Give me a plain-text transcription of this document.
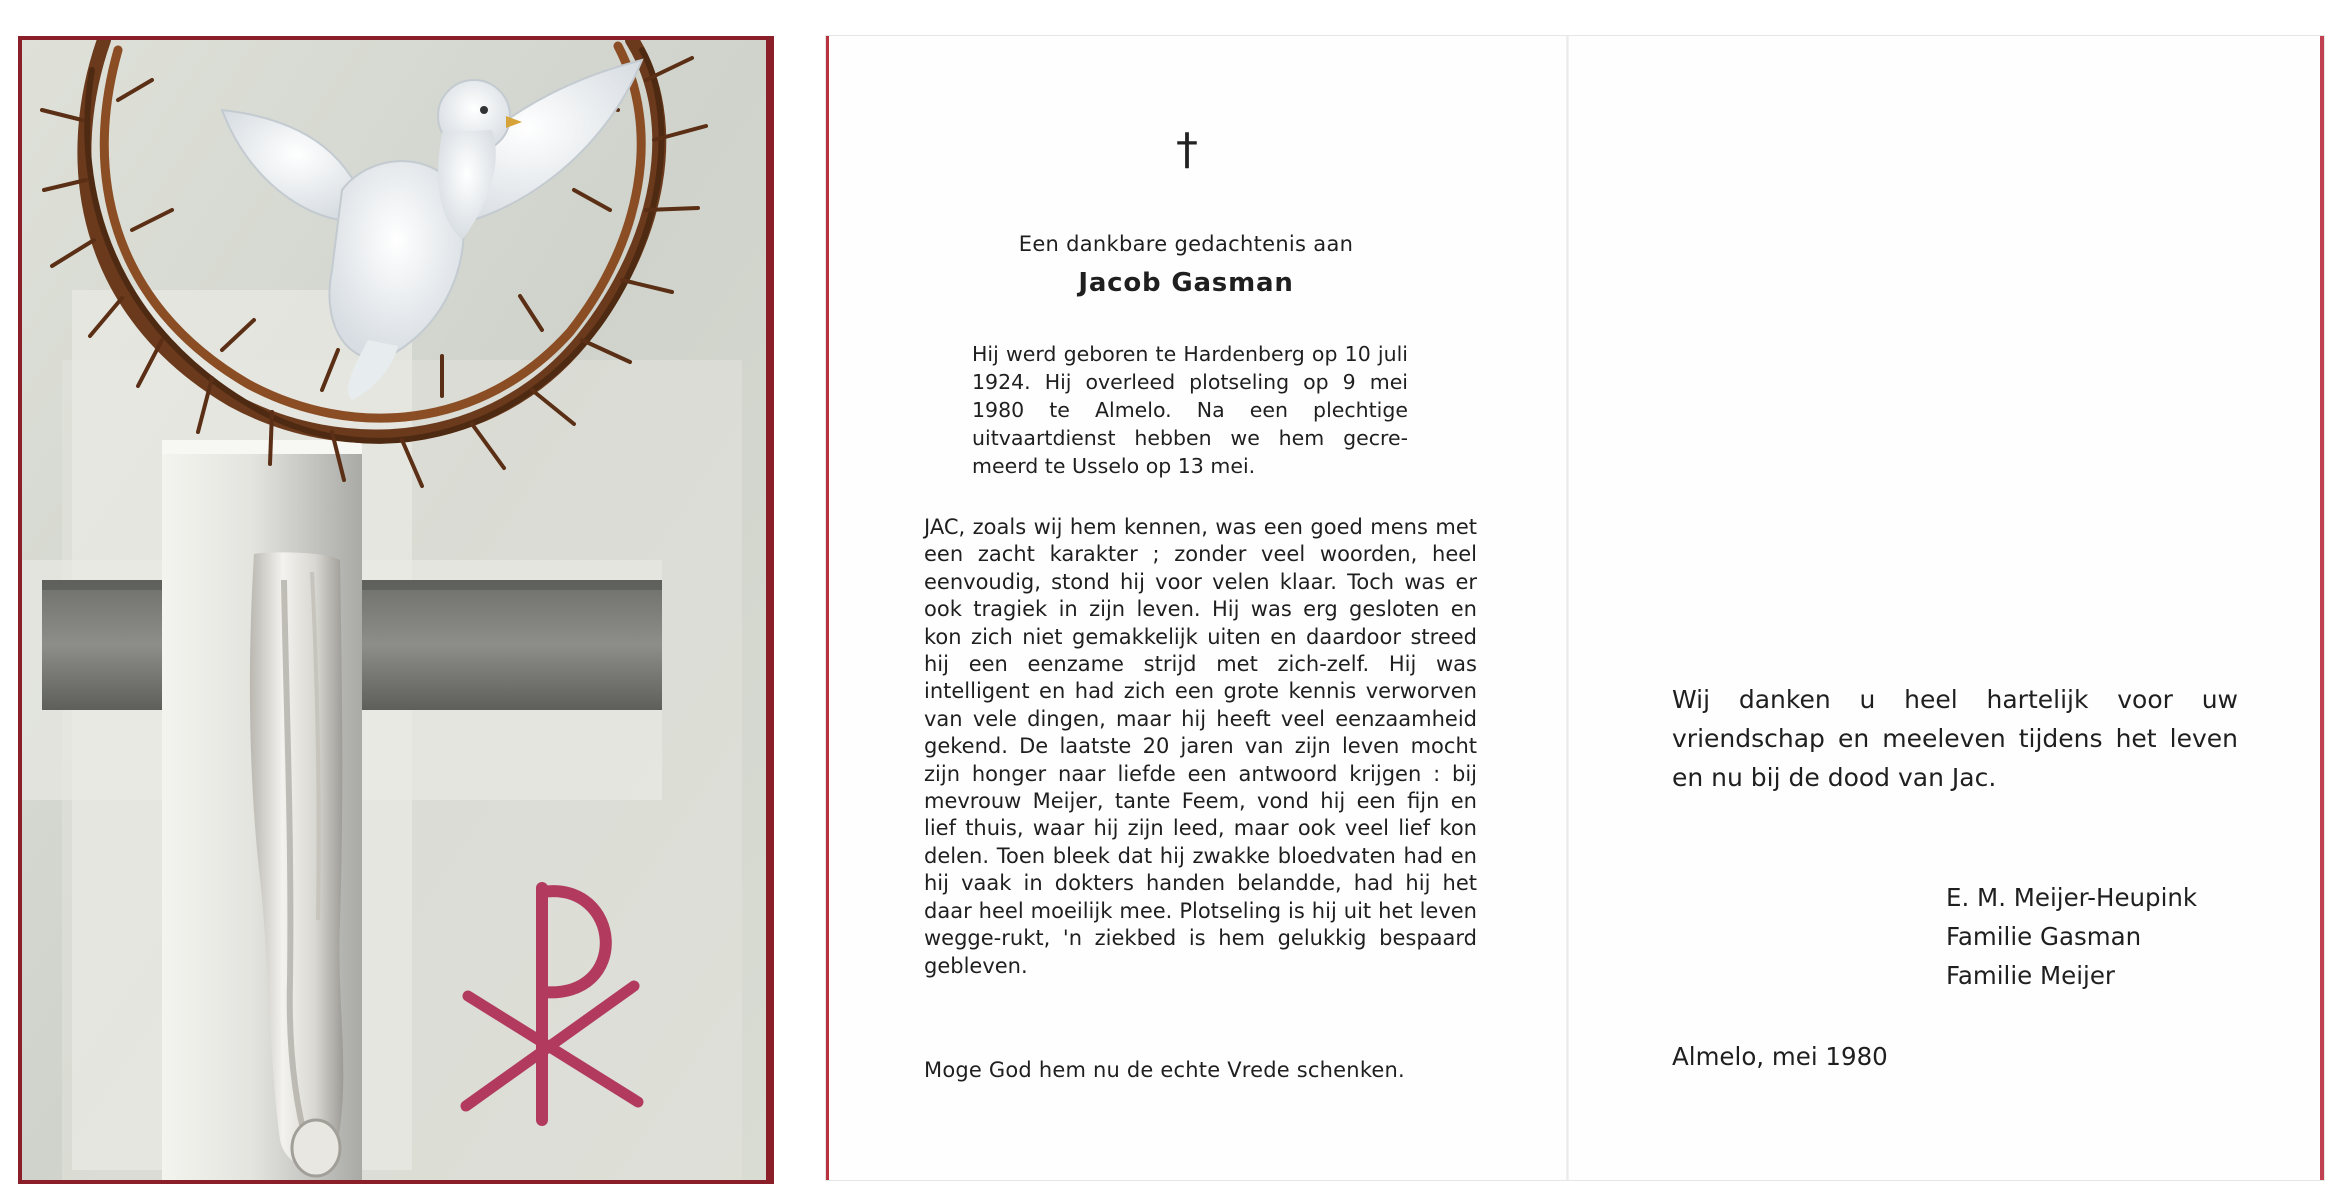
†
Een dankbare gedachtenis aan
Jacob Gasman

Hij werd geboren te Hardenberg op 10 juli 1924. Hij overleed plotseling op 9 mei 1980 te Almelo. Na een plechtige uitvaartdienst hebben we hem gecre-meerd te Usselo op 13 mei.

JAC, zoals wij hem kennen, was een goed mens met een zacht karakter ; zonder veel woorden, heel eenvoudig, stond hij voor velen klaar. Toch was er ook tragiek in zijn leven. Hij was erg gesloten en kon zich niet gemakkelijk uiten en daardoor streed hij een eenzame strijd met zich-zelf. Hij was intelligent en had zich een grote kennis verworven van vele dingen, maar hij heeft veel eenzaamheid gekend. De laatste 20 jaren van zijn leven mocht zijn honger naar liefde een antwoord krijgen : bij mevrouw Meijer, tante Feem, vond hij een fijn en lief thuis, waar hij zijn leed, maar ook veel lief kon delen. Toen bleek dat hij zwakke bloedvaten had en hij vaak in dokters handen belandde, had hij het daar heel moeilijk mee. Plotseling is hij uit het leven wegge-rukt, 'n ziekbed is hem gelukkig bespaard gebleven.

Moge God hem nu de echte Vrede schenken.

Wij danken u heel hartelijk voor uw vriendschap en meeleven tijdens het leven en nu bij de dood van Jac.

E. M. Meijer-Heupink
Familie Gasman
Familie Meijer
Almelo, mei 1980
